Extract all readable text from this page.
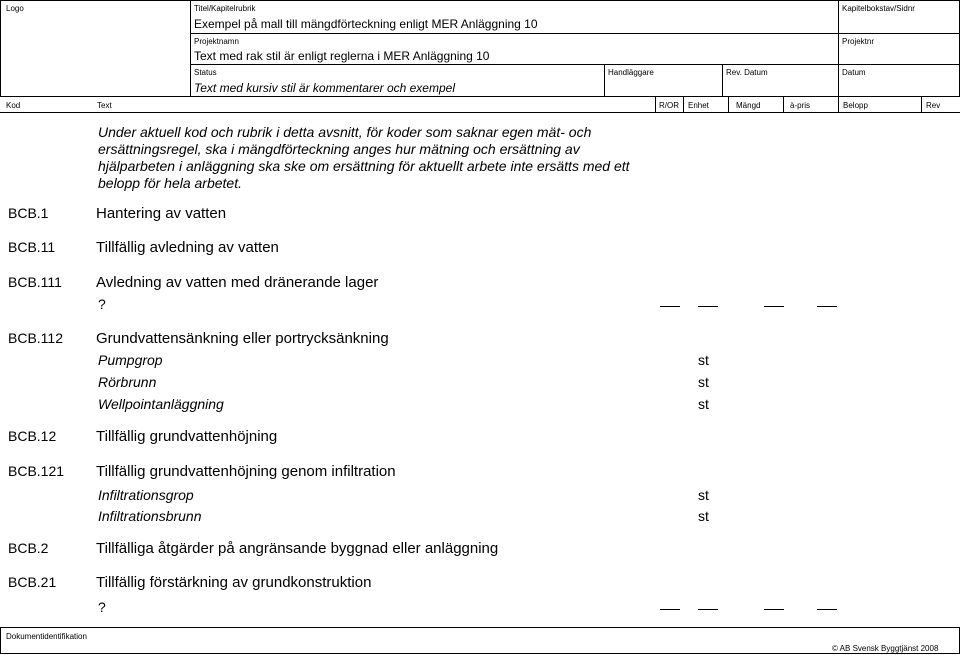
Logo	Titel/Kapitelrubrik
Exempel på mall till mängdförteckning enligt MER Anläggning 10
Kapitelbokstav/Sidnr
Projektnamn
Text med rak stil är enligt reglerna i MER Anläggning 10
Projektnr
Status
Text med kursiv stil är kommentarer och exempel
Handläggare	Rev. Datum	Datum
Kod	Text	R/OR Enhet	Mängd	à-pris	Belopp	Rev
Under aktuell kod och rubrik i detta avsnitt, för koder som saknar egen mät- och ersättningsregel, ska i mängdförteckning anges hur mätning och ersättning av hjälparbeten i anläggning ska ske om ersättning för aktuellt arbete inte ersätts med ett belopp för hela arbetet.
BCB.1	Hantering av vatten
BCB.11	Tillfällig avledning av vatten
BCB.111 Avledning av vatten med dränerande lager
?
BCB.112 Grundvattensänkning eller portrycksänkning
Pumpgrop	st
Rörbrunn	st
Wellpointanläggning	st
BCB.12	Tillfällig grundvattenhöjning
BCB.121 Tillfällig grundvattenhöjning genom infiltration
Infiltrationsgrop	st
Infiltrationsbrunn	st
BCB.2	Tillfälliga åtgärder på angränsande byggnad eller anläggning
BCB.21	Tillfällig förstärkning av grundkonstruktion
?
Dokumentidentifikation
© AB Svensk Byggtjänst 2008
